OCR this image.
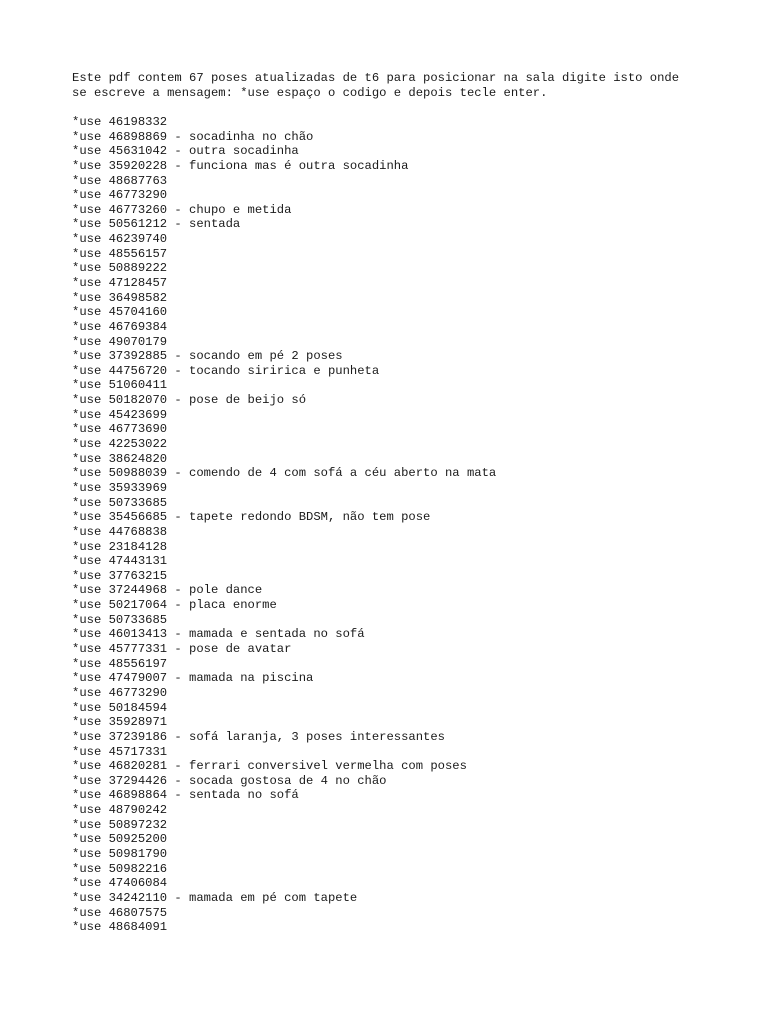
Este pdf contem 67 poses atualizadas de t6 para posicionar na sala digite isto onde
se escreve a mensagem: *use espaço o codigo e depois tecle enter.
*use 46198332
*use 46898869 - socadinha no chão
*use 45631042 - outra socadinha
*use 35920228 - funciona mas é outra socadinha
*use 48687763
*use 46773290
*use 46773260 - chupo e metida
*use 50561212 - sentada
*use 46239740
*use 48556157
*use 50889222
*use 47128457
*use 36498582
*use 45704160
*use 46769384
*use 49070179
*use 37392885 - socando em pé 2 poses
*use 44756720 - tocando siririca e punheta
*use 51060411
*use 50182070 - pose de beijo só
*use 45423699
*use 46773690
*use 42253022
*use 38624820
*use 50988039 - comendo de 4 com sofá a céu aberto na mata
*use 35933969
*use 50733685
*use 35456685 - tapete redondo BDSM, não tem pose
*use 44768838
*use 23184128
*use 47443131
*use 37763215
*use 37244968 - pole dance
*use 50217064 - placa enorme
*use 50733685
*use 46013413 - mamada e sentada no sofá
*use 45777331 - pose de avatar
*use 48556197
*use 47479007 - mamada na piscina
*use 46773290
*use 50184594
*use 35928971
*use 37239186 - sofá laranja, 3 poses interessantes
*use 45717331
*use 46820281 - ferrari conversivel vermelha com poses
*use 37294426 - socada gostosa de 4 no chão
*use 46898864 - sentada no sofá
*use 48790242
*use 50897232
*use 50925200
*use 50981790
*use 50982216
*use 47406084
*use 34242110 - mamada em pé com tapete
*use 46807575
*use 48684091
